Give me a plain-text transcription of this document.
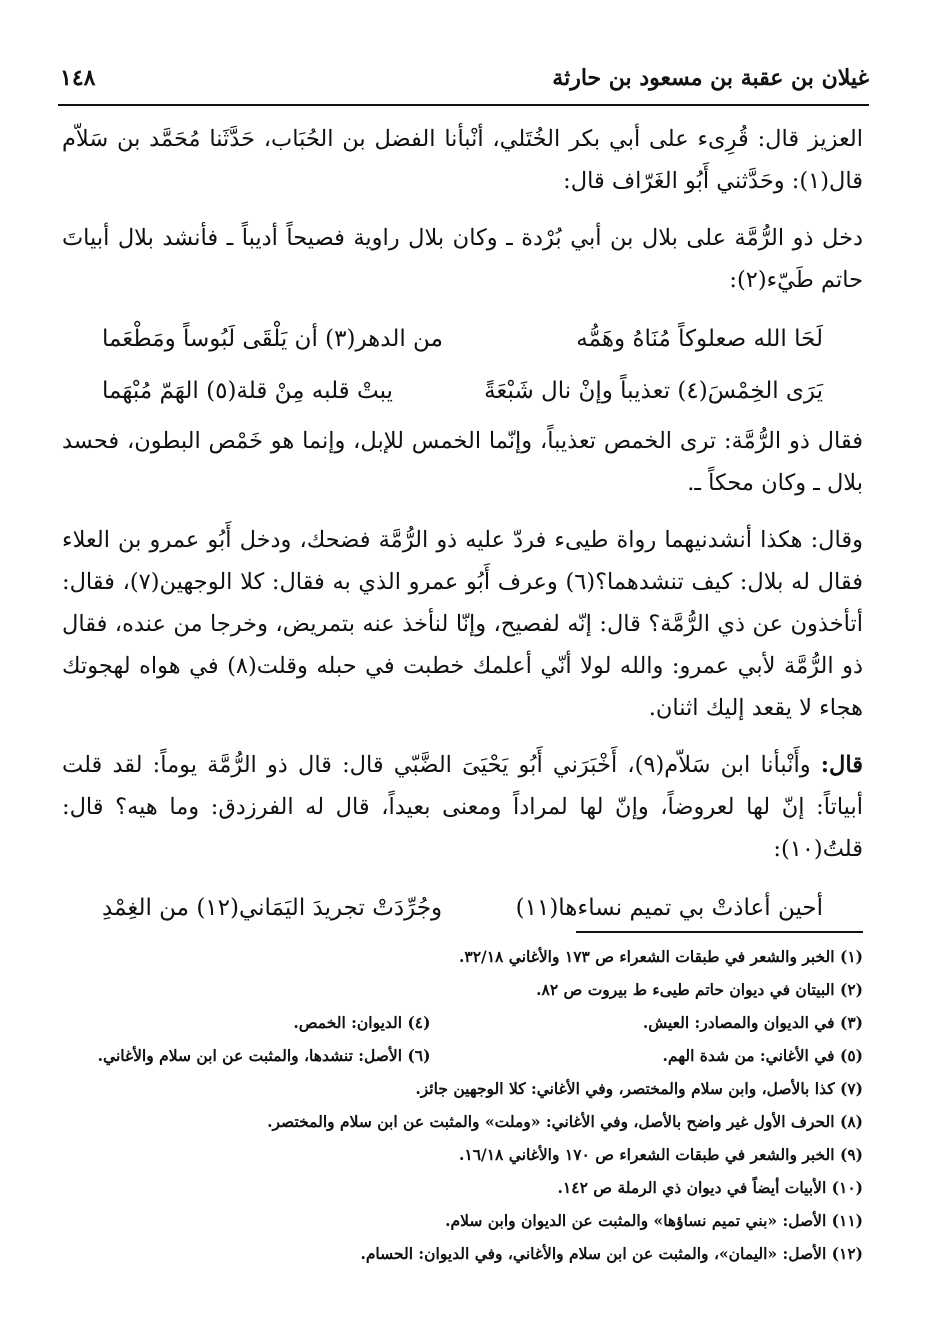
غيلان بن عقبة بن مسعود بن حارثة
١٤٨

العزيز قال: قُرِىء على أبي بكر الخُتَلي، أنْبأنا الفضل بن الحُبَاب، حَدَّثَنا مُحَمَّد بن سَلاّم قال(١): وحَدَّثني أَبُو الغَرّاف قال:

دخل ذو الرُّمَّة على بلال بن أبي بُرْدة ـ وكان بلال راوية فصيحاً أديباً ـ فأنشد بلال أبياتَ حاتم طَيّء(٢):

لَحَا الله صعلوكاً مُنَاهُ وهَمُّه
من الدهر(٣) أن يَلْقَى لَبُوساً ومَطْعَما
يَرَى الخِمْسَ(٤) تعذيباً وإنْ نال شَبْعَةً
يبتْ قلبه مِنْ قلة(٥) الهَمّ مُبْهَما

فقال ذو الرُّمَّة: ترى الخمص تعذيباً، وإنّما الخمس للإبل، وإنما هو خَمْص البطون، فحسد بلال ـ وكان محكاً ـ.

وقال: هكذا أنشدنيهما رواة طيىء فردّ عليه ذو الرُّمَّة فضحك، ودخل أَبُو عمرو بن العلاء فقال له بلال: كيف تنشدهما؟(٦) وعرف أَبُو عمرو الذي به فقال: كلا الوجهين(٧)، فقال: أتأخذون عن ذي الرُّمَّة؟ قال: إنّه لفصيح، وإنّا لنأخذ عنه بتمريض، وخرجا من عنده، فقال ذو الرُّمَّة لأبي عمرو: والله لولا أنّي أعلمك خطبت في حبله وقلت(٨) في هواه لهجوتك هجاء لا يقعد إليك اثنان.

قال: وأَنْبأنا ابن سَلاّم(٩)، أَخْبَرَني أَبُو يَحْيَىَ الضَّبّي قال: قال ذو الرُّمَّة يوماً: لقد قلت أبياتاً: إنّ لها لعروضاً، وإنّ لها لمراداً ومعنى بعيداً، قال له الفرزدق: وما هيه؟ قال: قلتُ(١٠):

أحين أعاذتْ بي تميم نساءها(١١)
وجُرِّدَتْ تجريدَ اليَمَاني(١٢) من الغِمْدِ
(١) الخبر والشعر في طبقات الشعراء ص ١٧٣ والأغاني ٣٢/١٨.
(٢) البيتان في ديوان حاتم طيىء ط بيروت ص ٨٢.
(٣) في الديوان والمصادر: العيش.
(٤) الديوان: الخمص.
(٥) في الأغاني: من شدة الهم.
(٦) الأصل: تنشدها، والمثبت عن ابن سلام والأغاني.
(٧) كذا بالأصل، وابن سلام والمختصر، وفي الأغاني: كلا الوجهين جائز.
(٨) الحرف الأول غير واضح بالأصل، وفي الأغاني: «وملت» والمثبت عن ابن سلام والمختصر.
(٩) الخبر والشعر في طبقات الشعراء ص ١٧٠ والأغاني ١٦/١٨.
(١٠) الأبيات أيضاً في ديوان ذي الرملة ص ١٤٢.
(١١) الأصل: «بني تميم نساؤها» والمثبت عن الديوان وابن سلام.
(١٢) الأصل: «اليمان»، والمثبت عن ابن سلام والأغاني، وفي الديوان: الحسام.
